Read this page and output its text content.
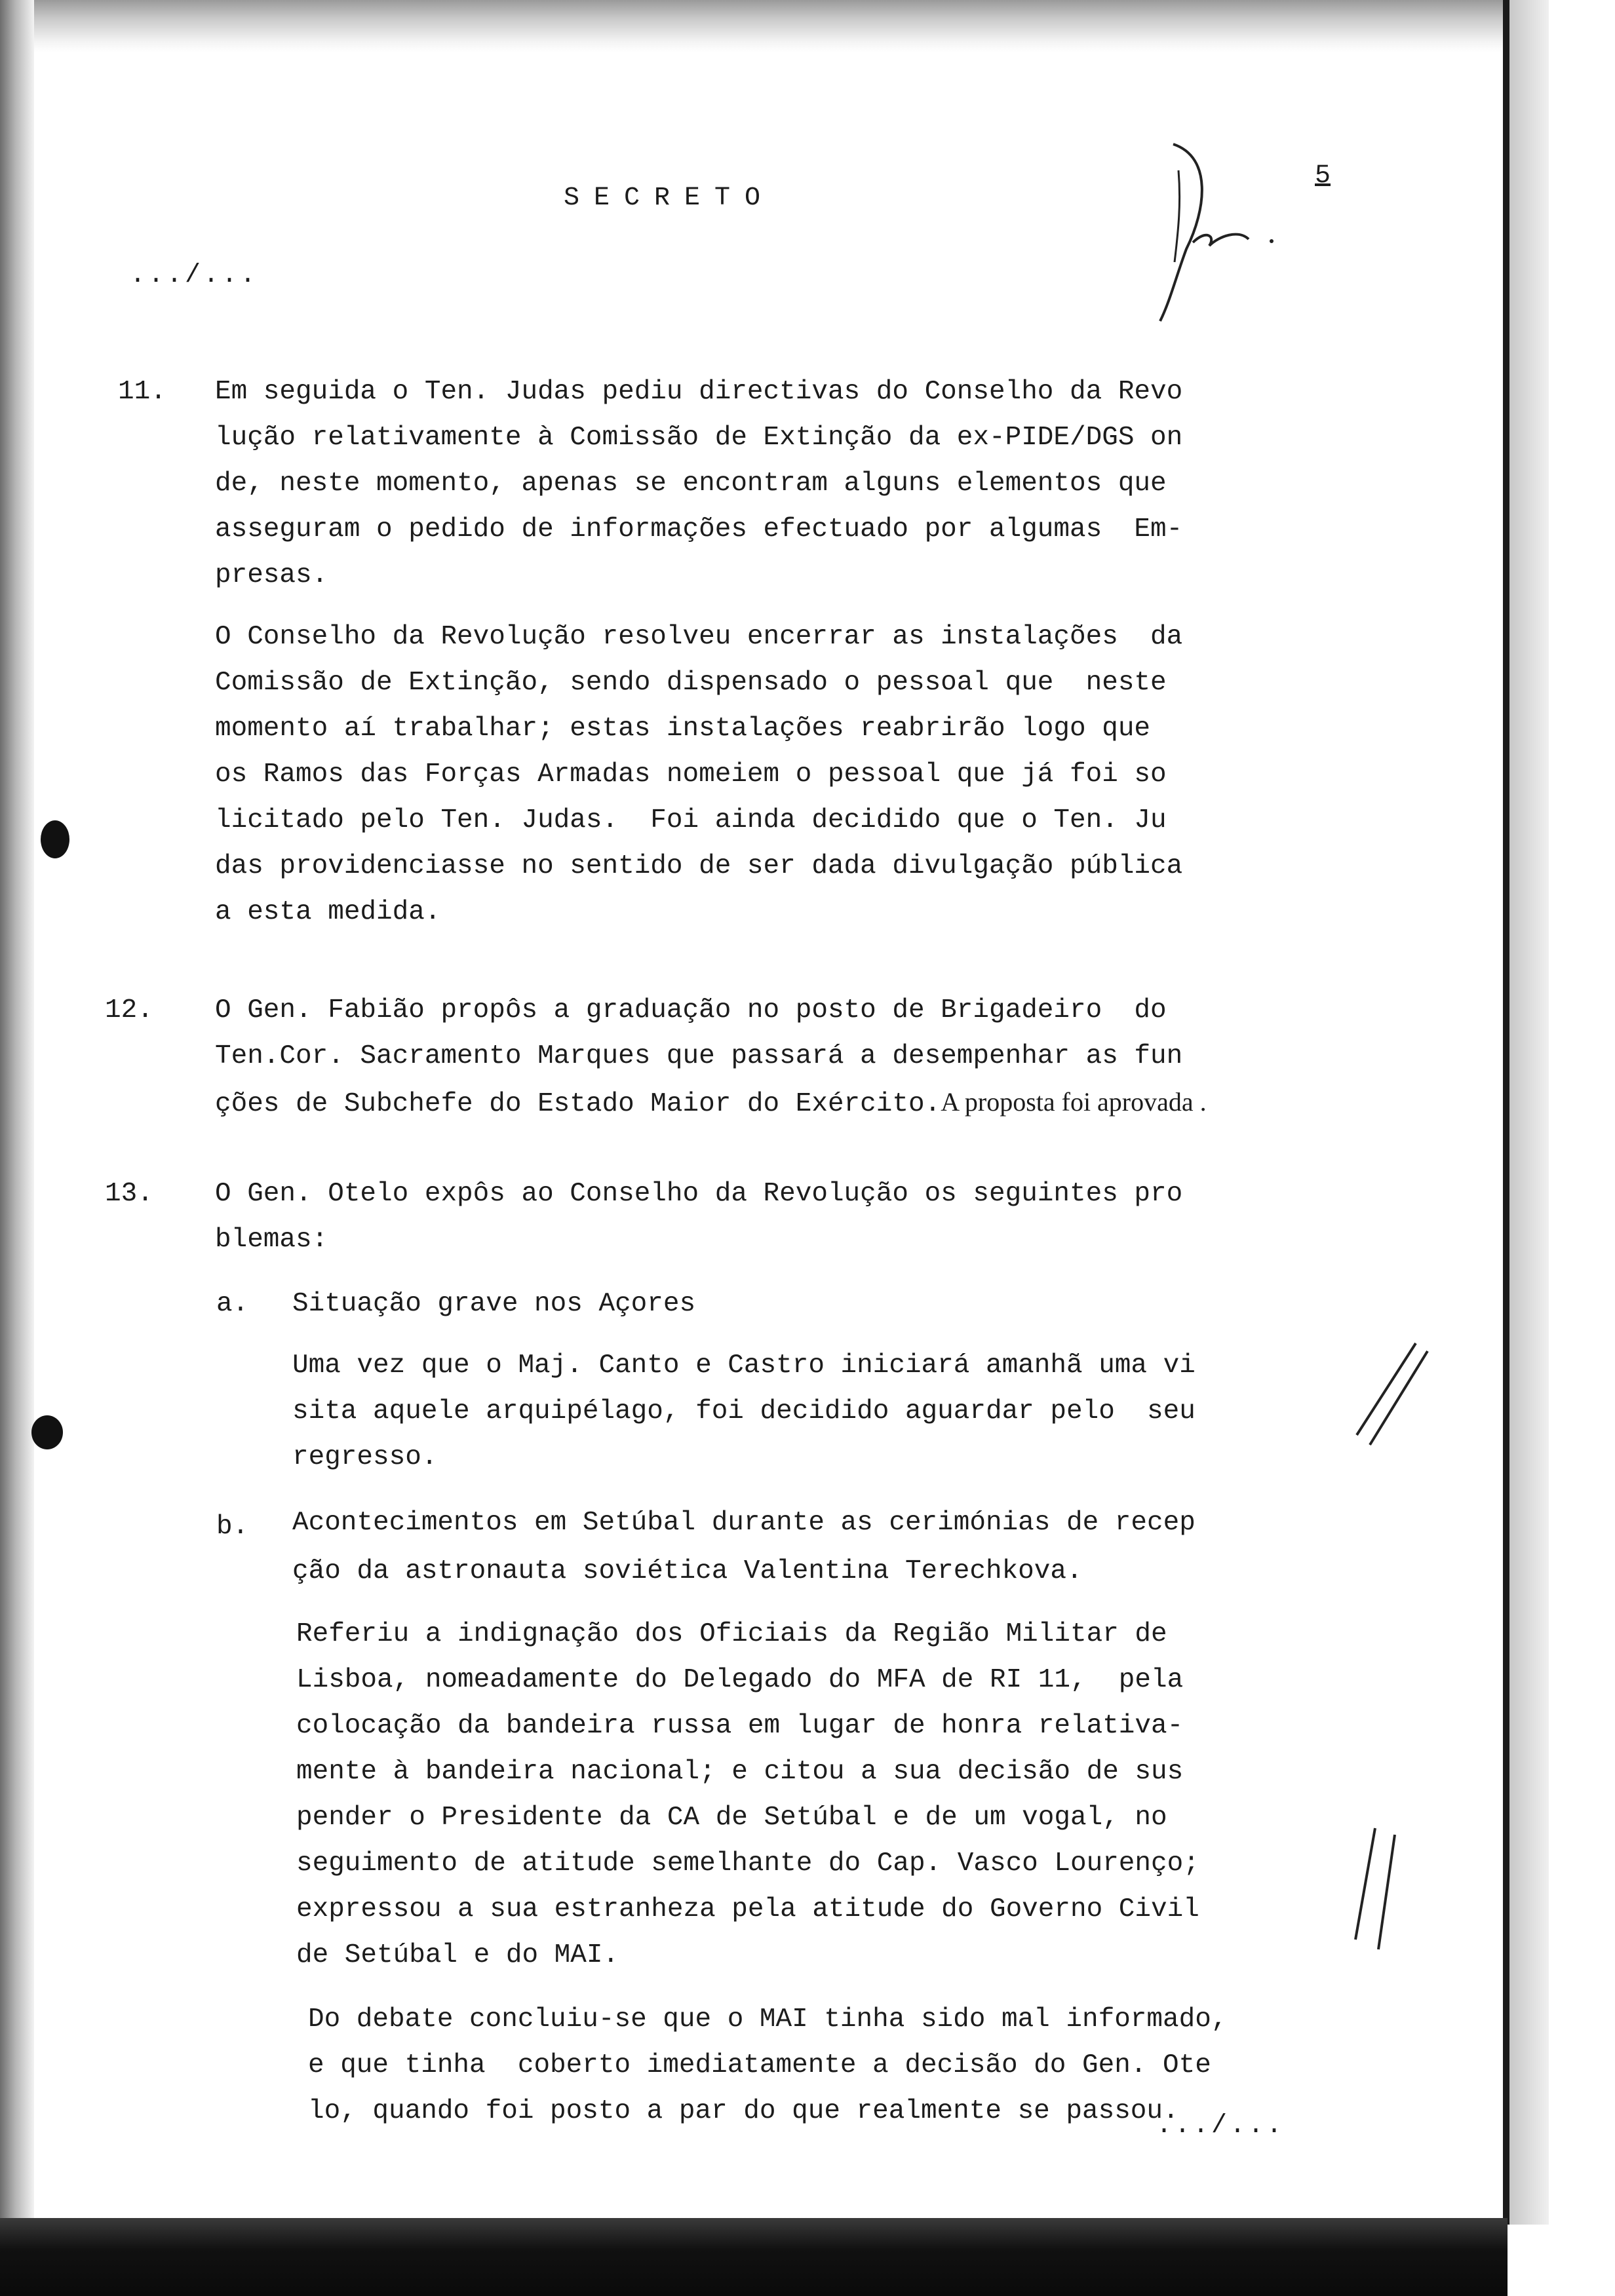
SECRETO
5
.../...
11. Em seguida o Ten. Judas pediu directivas do Conselho da Revo
lução relativamente à Comissão de Extinção da ex-PIDE/DGS on
de, neste momento, apenas se encontram alguns elementos que
asseguram o pedido de informações efectuado por algumas  Em-
presas.
O Conselho da Revolução resolveu encerrar as instalações  da
Comissão de Extinção, sendo dispensado o pessoal que  neste
momento aí trabalhar; estas instalações reabrirão logo que
os Ramos das Forças Armadas nomeiem o pessoal que já foi so
licitado pelo Ten. Judas.  Foi ainda decidido que o Ten. Ju
das providenciasse no sentido de ser dada divulgação pública
a esta medida.
12. O Gen. Fabião propôs a graduação no posto de Brigadeiro  do
Ten.Cor. Sacramento Marques que passará a desempenhar as fun
ções de Subchefe do Estado Maior do Exército.A proposta foi aprovada .
13. O Gen. Otelo expôs ao Conselho da Revolução os seguintes pro
blemas:
a. Situação grave nos Açores
Uma vez que o Maj. Canto e Castro iniciará amanhã uma vi
sita aquele arquipélago, foi decidido aguardar pelo  seu
regresso.
b. Acontecimentos em Setúbal durante as cerimónias de recep
ção da astronauta soviética Valentina Terechkova.
Referiu a indignação dos Oficiais da Região Militar de
Lisboa, nomeadamente do Delegado do MFA de RI 11,  pela
colocação da bandeira russa em lugar de honra relativa-
mente à bandeira nacional; e citou a sua decisão de sus
pender o Presidente da CA de Setúbal e de um vogal, no
seguimento de atitude semelhante do Cap. Vasco Lourenço;
expressou a sua estranheza pela atitude do Governo Civil
de Setúbal e do MAI.
Do debate concluiu-se que o MAI tinha sido mal informado,
e que tinha  coberto imediatamente a decisão do Gen. Ote
lo, quando foi posto a par do que realmente se passou.
.../...
